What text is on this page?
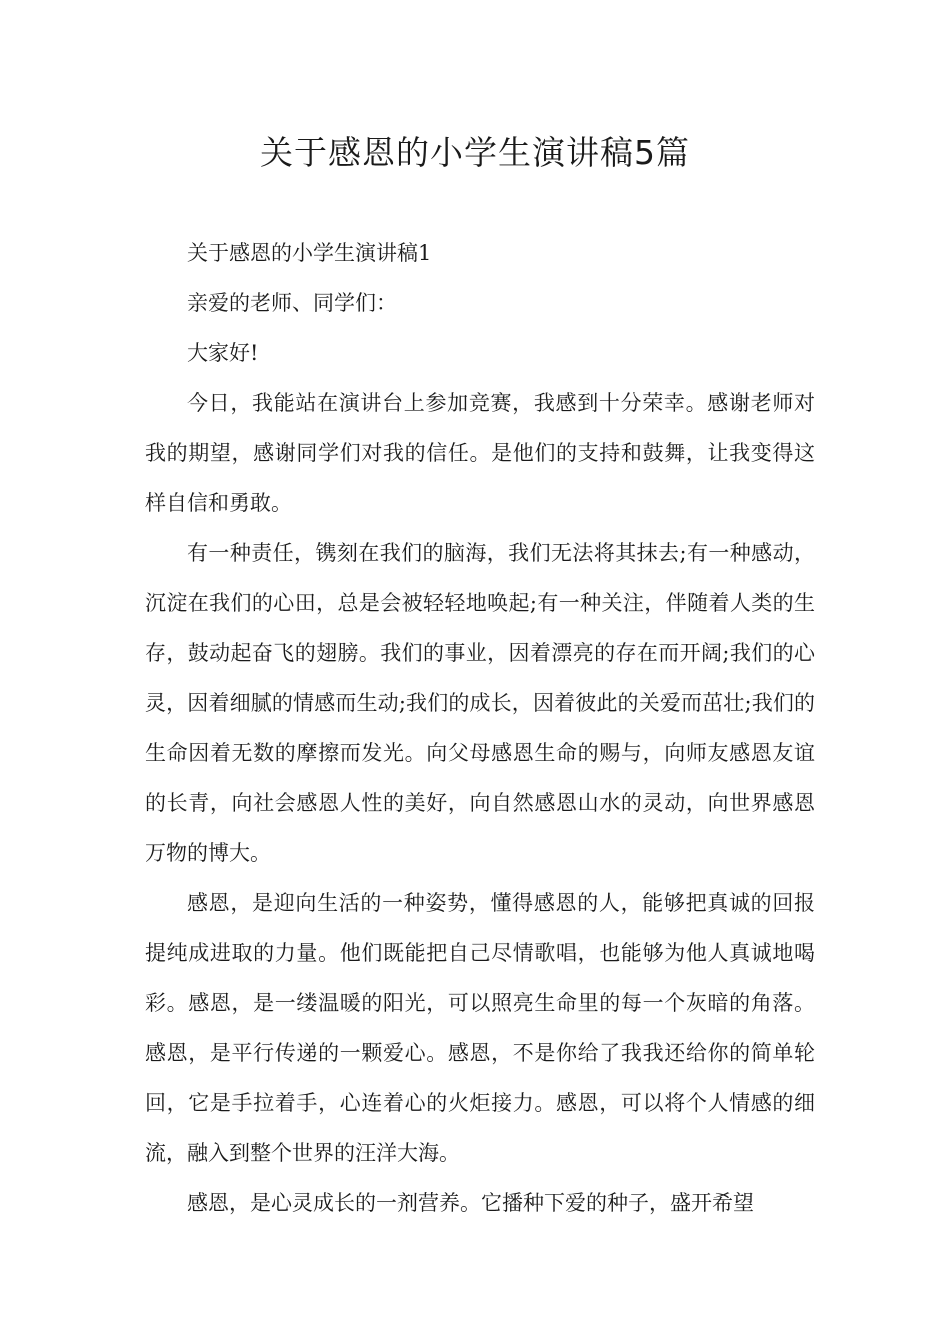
关于感恩的小学生演讲稿5篇

关于感恩的小学生演讲稿1

亲爱的老师、同学们：

大家好!

今日，我能站在演讲台上参加竞赛，我感到十分荣幸。感谢老师对我的期望，感谢同学们对我的信任。是他们的支持和鼓舞，让我变得这样自信和勇敢。

有一种责任，镌刻在我们的脑海，我们无法将其抹去;有一种感动，沉淀在我们的心田，总是会被轻轻地唤起;有一种关注，伴随着人类的生存，鼓动起奋飞的翅膀。我们的事业，因着漂亮的存在而开阔;我们的心灵，因着细腻的情感而生动;我们的成长，因着彼此的关爱而茁壮;我们的生命因着无数的摩擦而发光。向父母感恩生命的赐与，向师友感恩友谊的长青，向社会感恩人性的美好，向自然感恩山水的灵动，向世界感恩万物的博大。

感恩，是迎向生活的一种姿势，懂得感恩的人，能够把真诚的回报提纯成进取的力量。他们既能把自己尽情歌唱，也能够为他人真诚地喝彩。感恩，是一缕温暖的阳光，可以照亮生命里的每一个灰暗的角落。感恩，是平行传递的一颗爱心。感恩，不是你给了我我还给你的简单轮回，它是手拉着手，心连着心的火炬接力。感恩，可以将个人情感的细流，融入到整个世界的汪洋大海。

感恩，是心灵成长的一剂营养。它播种下爱的种子，盛开希望
